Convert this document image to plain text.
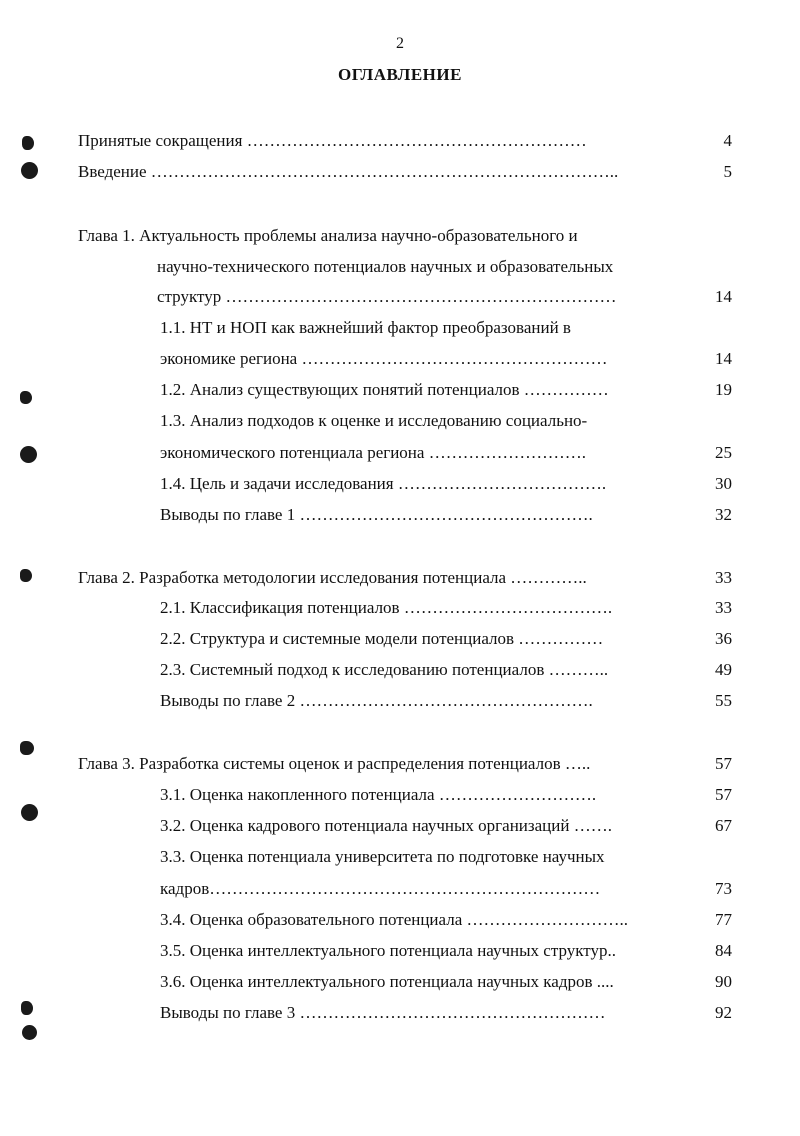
2
ОГЛАВЛЕНИЕ
Принятые сокращения ……………………………………………………	4
Введение ………………………………………………………………………..	5
Глава 1. Актуальность проблемы анализа научно-образовательного и
научно-технического потенциалов научных и образовательных
структур ……………………………………………………………	14
1.1. НТ и НОП как важнейший фактор преобразований в
экономике региона ………………………………………………	14
1.2. Анализ существующих понятий потенциалов ……………	19
1.3. Анализ подходов к оценке и исследованию социально-
экономического потенциала региона ……………………….	25
1.4. Цель и задачи исследования ……………………………….	30
Выводы по главе 1 …………………………………………….	32
Глава 2. Разработка методологии исследования потенциала …………..	33
2.1. Классификация потенциалов ……………………………….	33
2.2. Структура и системные модели потенциалов ……………	36
2.3. Системный подход к исследованию потенциалов ………..	49
Выводы по главе 2 …………………………………………….	55
Глава 3. Разработка системы оценок и распределения потенциалов …..	57
3.1. Оценка накопленного потенциала ……………………….	57
3.2. Оценка кадрового потенциала научных организаций …….	67
3.3. Оценка потенциала университета по подготовке научных
кадров……………………………………………………………	73
3.4. Оценка образовательного потенциала ………………………..	77
3.5. Оценка интеллектуального потенциала научных структур..	84
3.6. Оценка интеллектуального потенциала научных кадров ....	90
Выводы по главе 3 ………………………………………………	92
